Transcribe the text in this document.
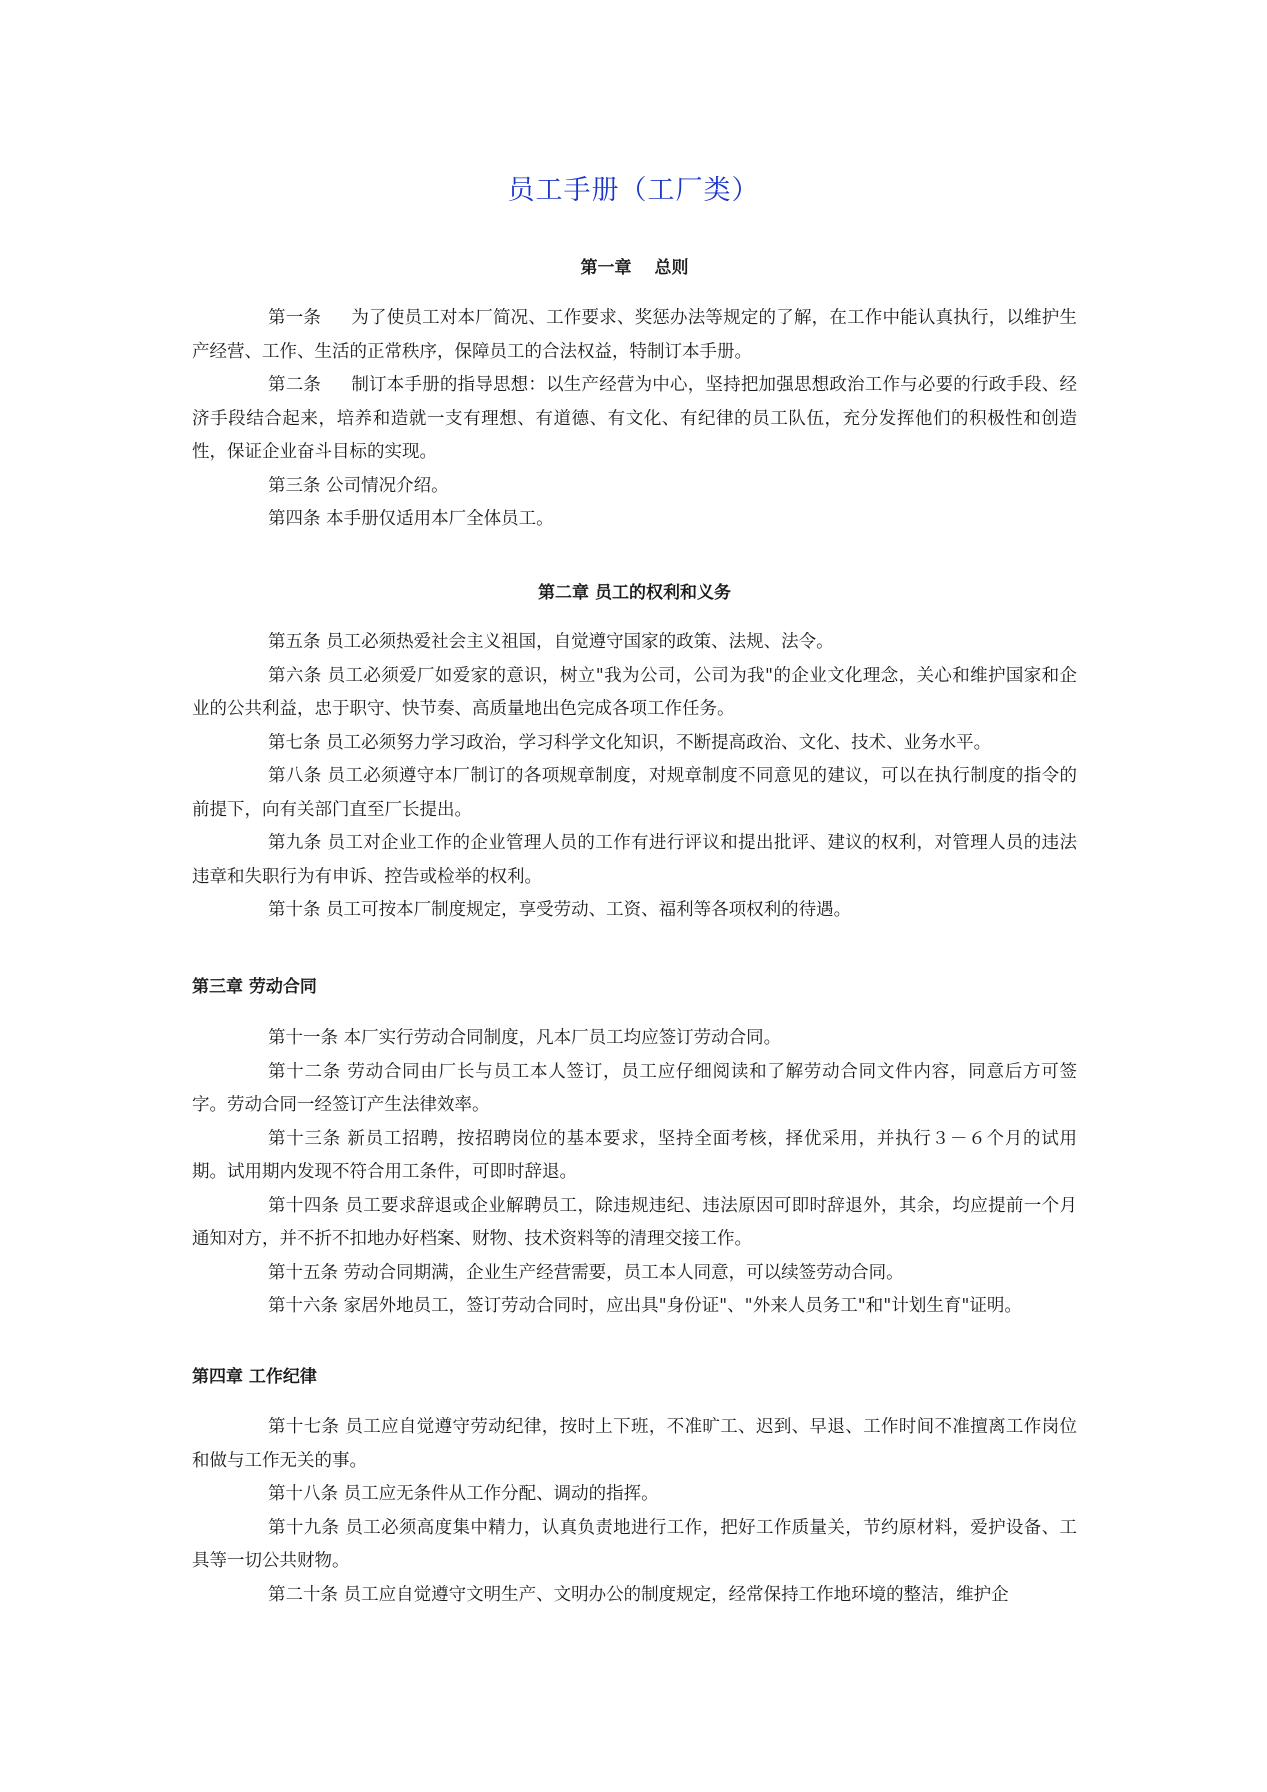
员工手册（工厂类）

第一章　 总则

第一条 为了使员工对本厂简况、工作要求、奖惩办法等规定的了解，在工作中能认真执行，以维护生产经营、工作、生活的正常秩序，保障员工的合法权益，特制订本手册。

第二条 制订本手册的指导思想：以生产经营为中心，坚持把加强思想政治工作与必要的行政手段、经济手段结合起来，培养和造就一支有理想、有道德、有文化、有纪律的员工队伍，充分发挥他们的积极性和创造性，保证企业奋斗目标的实现。

第三条 公司情况介绍。

第四条 本手册仅适用本厂全体员工。

第二章 员工的权利和义务

第五条 员工必须热爱社会主义祖国，自觉遵守国家的政策、法规、法令。

第六条 员工必须爱厂如爱家的意识，树立"我为公司，公司为我"的企业文化理念，关心和维护国家和企业的公共利益，忠于职守、快节奏、高质量地出色完成各项工作任务。

第七条 员工必须努力学习政治，学习科学文化知识，不断提高政治、文化、技术、业务水平。

第八条 员工必须遵守本厂制订的各项规章制度，对规章制度不同意见的建议，可以在执行制度的指令的前提下，向有关部门直至厂长提出。

第九条 员工对企业工作的企业管理人员的工作有进行评议和提出批评、建议的权利，对管理人员的违法违章和失职行为有申诉、控告或检举的权利。

第十条 员工可按本厂制度规定，享受劳动、工资、福利等各项权利的待遇。

第三章 劳动合同

第十一条 本厂实行劳动合同制度，凡本厂员工均应签订劳动合同。

第十二条 劳动合同由厂长与员工本人签订，员工应仔细阅读和了解劳动合同文件内容，同意后方可签字。劳动合同一经签订产生法律效率。

第十三条 新员工招聘，按招聘岗位的基本要求，坚持全面考核，择优采用，并执行３－６个月的试用期。试用期内发现不符合用工条件，可即时辞退。

第十四条 员工要求辞退或企业解聘员工，除违规违纪、违法原因可即时辞退外，其余，均应提前一个月通知对方，并不折不扣地办好档案、财物、技术资料等的清理交接工作。

第十五条 劳动合同期满，企业生产经营需要，员工本人同意，可以续签劳动合同。

第十六条 家居外地员工，签订劳动合同时，应出具"身份证"、"外来人员务工"和"计划生育"证明。

第四章 工作纪律

第十七条 员工应自觉遵守劳动纪律，按时上下班，不准旷工、迟到、早退、工作时间不准擅离工作岗位和做与工作无关的事。

第十八条 员工应无条件从工作分配、调动的指挥。

第十九条 员工必须高度集中精力，认真负责地进行工作，把好工作质量关，节约原材料，爱护设备、工具等一切公共财物。

第二十条 员工应自觉遵守文明生产、文明办公的制度规定，经常保持工作地环境的整洁，维护企
